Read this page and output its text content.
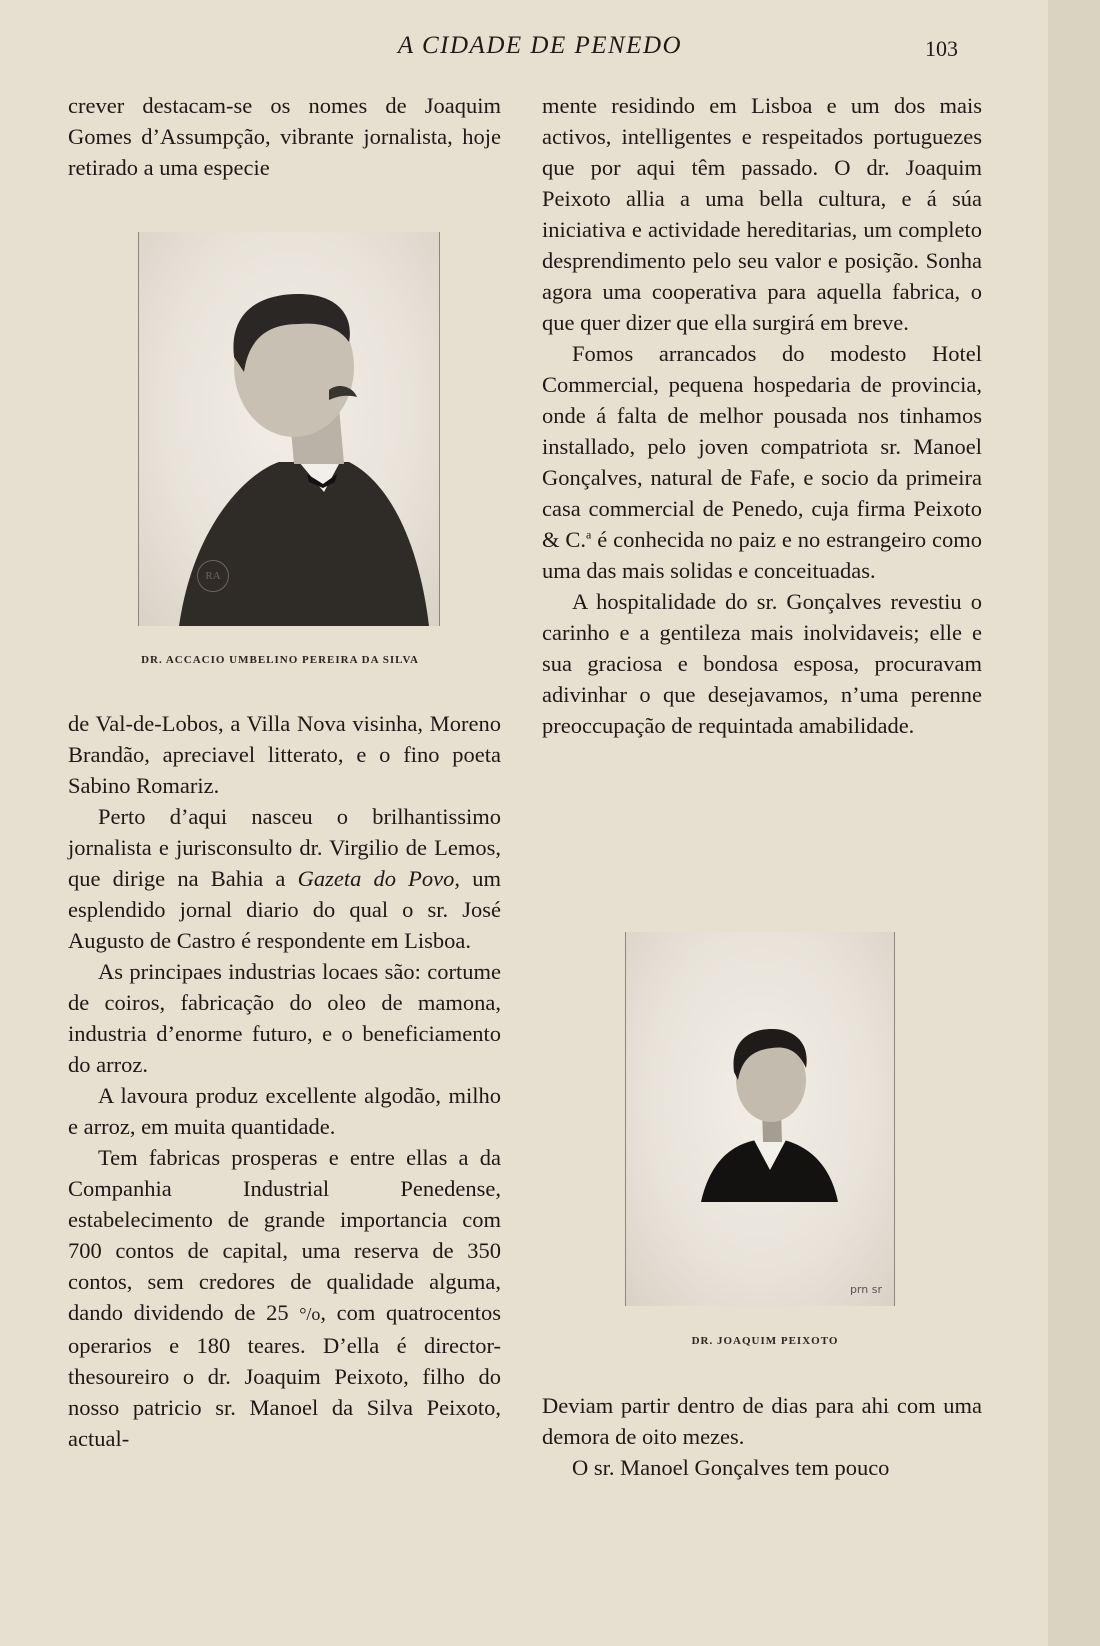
A CIDADE DE PENEDO	103

crever destacam-se os nomes de Joaquim Gomes d’Assumpção, vibrante jornalista, hoje retirado a uma especie

RA
DR. ACCACIO UMBELINO PEREIRA DA SILVA

de Val-de-Lobos, a Villa Nova visinha, Moreno Brandão, apreciavel litterato, e o fino poeta Sabino Romariz.

Perto d’aqui nasceu o brilhantissimo jornalista e jurisconsulto dr. Virgilio de Lemos, que dirige na Bahia a Gazeta do Povo, um esplendido jornal diario do qual o sr. José Augusto de Castro é respondente em Lisboa.

As principaes industrias locaes são: cortume de coiros, fabricação do oleo de mamona, industria d’enorme futuro, e o beneficiamento do arroz.

A lavoura produz excellente algodão, milho e arroz, em muita quantidade.

Tem fabricas prosperas e entre ellas a da Companhia Industrial Penedense, estabelecimento de grande importancia com 700 contos de capital, uma reserva de 350 contos, sem credores de qualidade alguma, dando dividendo de 25 °/o, com quatrocentos operarios e 180 teares. D’ella é director-thesoureiro o dr. Joaquim Peixoto, filho do nosso patricio sr. Manoel da Silva Peixoto, actual-

mente residindo em Lisboa e um dos mais activos, intelligentes e respeitados portuguezes que por aqui têm passado. O dr. Joaquim Peixoto allia a uma bella cultura, e á súa iniciativa e actividade hereditarias, um completo desprendimento pelo seu valor e posição. Sonha agora uma cooperativa para aquella fabrica, o que quer dizer que ella surgirá em breve.

Fomos arrancados do modesto Hotel Commercial, pequena hospedaria de provincia, onde á falta de melhor pousada nos tinhamos installado, pelo joven compatriota sr. Manoel Gonçalves, natural de Fafe, e socio da primeira casa commercial de Penedo, cuja firma Peixoto & C.$^a$ é conhecida no paiz e no estrangeiro como uma das mais solidas e conceituadas.

A hospitalidade do sr. Gonçalves revestiu o carinho e a gentileza mais inolvidaveis; elle e sua graciosa e bondosa esposa, procuravam adivinhar o que desejavamos, n’uma perenne preoccupação de requintada amabilidade.

prn sr
DR. JOAQUIM PEIXOTO

Deviam partir dentro de dias para ahi com uma demora de oito mezes.

O sr. Manoel Gonçalves tem pouco
